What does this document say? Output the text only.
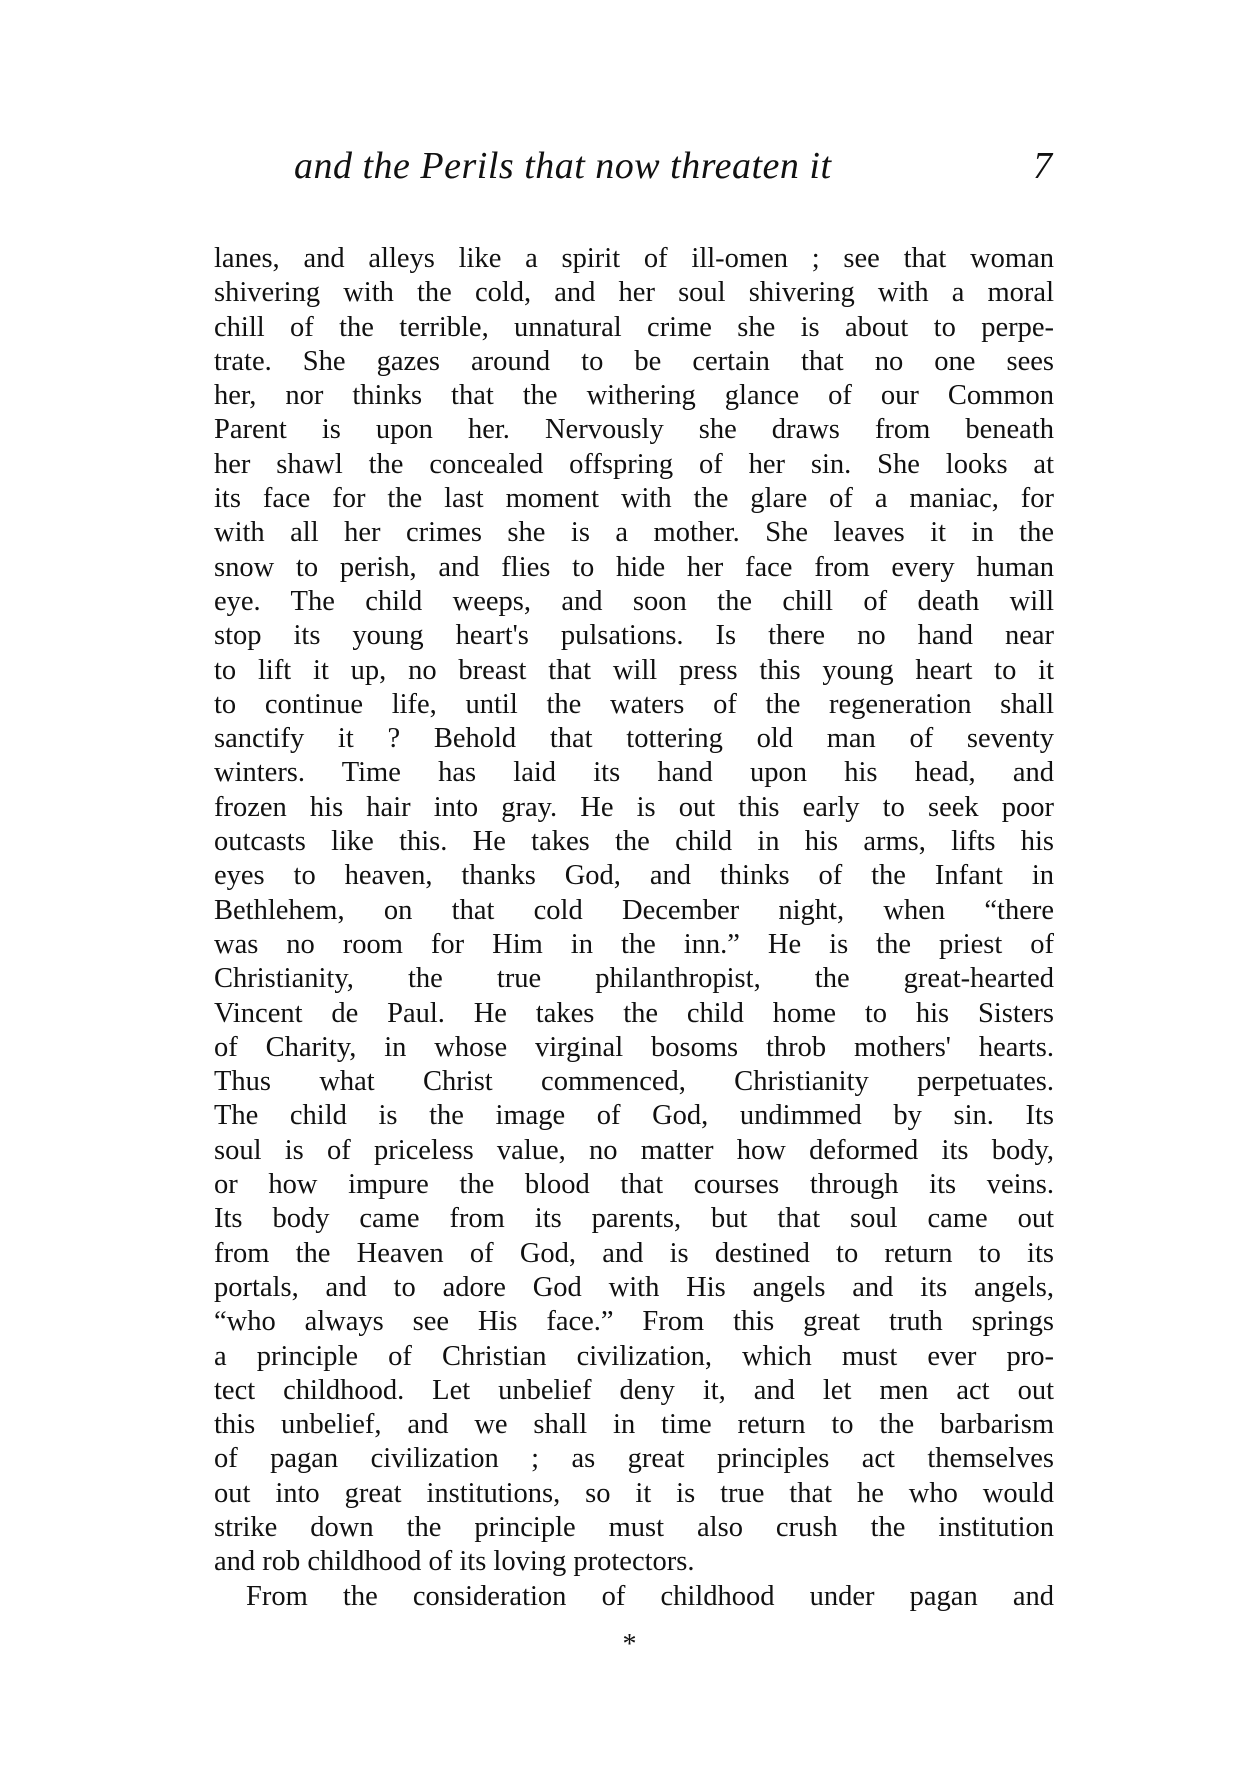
and the Perils that now threaten it	7
lanes, and alleys like a spirit of ill-omen ; see that woman
shivering with the cold, and her soul shivering with a moral
chill of the terrible, unnatural crime she is about to perpe-
trate. She gazes around to be certain that no one sees
her, nor thinks that the withering glance of our Common
Parent is upon her. Nervously she draws from beneath
her shawl the concealed offspring of her sin. She looks at
its face for the last moment with the glare of a maniac, for
with all her crimes she is a mother. She leaves it in the
snow to perish, and flies to hide her face from every human
eye. The child weeps, and soon the chill of death will
stop its young heart's pulsations. Is there no hand near
to lift it up, no breast that will press this young heart to it
to continue life, until the waters of the regeneration shall
sanctify it ? Behold that tottering old man of seventy
winters. Time has laid its hand upon his head, and
frozen his hair into gray. He is out this early to seek poor
outcasts like this. He takes the child in his arms, lifts his
eyes to heaven, thanks God, and thinks of the Infant in
Bethlehem, on that cold December night, when “there
was no room for Him in the inn.” He is the priest of
Christianity, the true philanthropist, the great-hearted
Vincent de Paul. He takes the child home to his Sisters
of Charity, in whose virginal bosoms throb mothers' hearts.
Thus what Christ commenced, Christianity perpetuates.
The child is the image of God, undimmed by sin. Its
soul is of priceless value, no matter how deformed its body,
or how impure the blood that courses through its veins.
Its body came from its parents, but that soul came out
from the Heaven of God, and is destined to return to its
portals, and to adore God with His angels and its angels,
“who always see His face.” From this great truth springs
a principle of Christian civilization, which must ever pro-
tect childhood. Let unbelief deny it, and let men act out
this unbelief, and we shall in time return to the barbarism
of pagan civilization ; as great principles act themselves
out into great institutions, so it is true that he who would
strike down the principle must also crush the institution
and rob childhood of its loving protectors.
From the consideration of childhood under pagan and
*
